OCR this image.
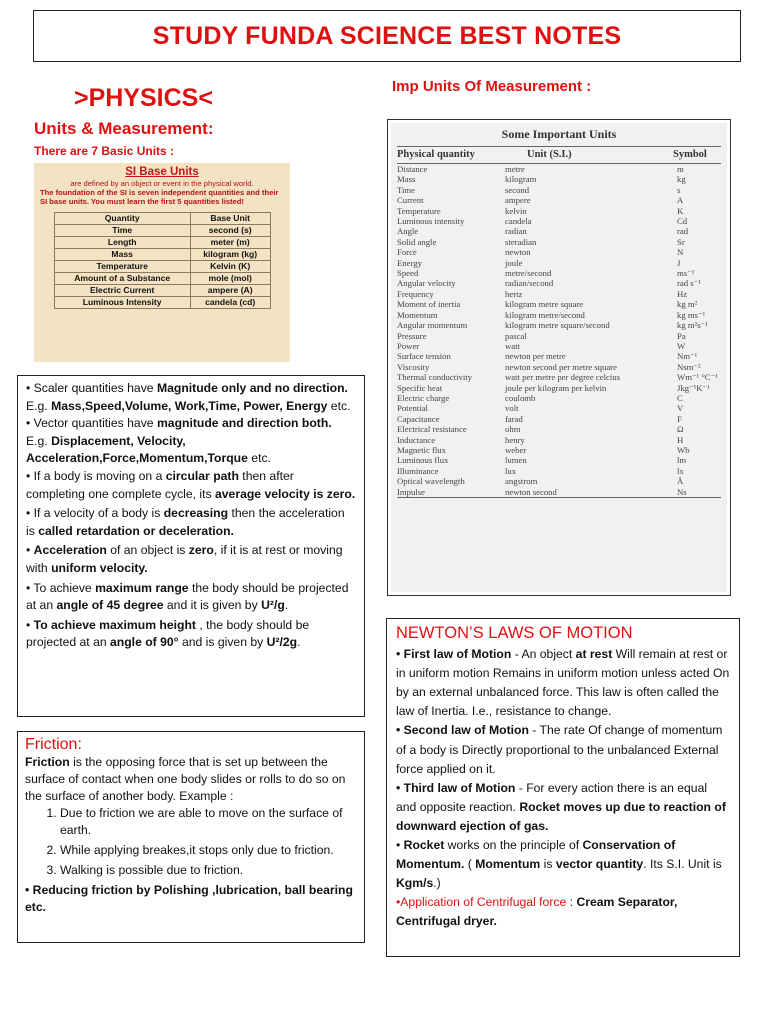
STUDY FUNDA SCIENCE BEST NOTES
>PHYSICS<
Units & Measurement:
There are 7 Basic Units :
Imp Units Of Measurement :
SI Base Units
are defined by an object or event in the physical world.
The foundation of the SI is seven independent quantities and their SI base units. You must learn the first 5 quantities listed!
Quantity	Base Unit
Time	second (s)
Length	meter (m)
Mass	kilogram (kg)
Temperature	Kelvin (K)
Amount of a Substance	mole (mol)
Electric Current	ampere (A)
Luminous Intensity	candela (cd)
Some Important Units
Physical quantity	Unit (S.I.)	Symbol
Distance	metre	m
Mass	kilogram	kg
Time	second	s
Current	ampere	A
Temperature	kelvin	K
Luminous intensity	candela	Cd
Angle	radian	rad
Solid angle	steradian	Sr
Force	newton	N
Energy	joule	J
Speed	metre/second	ms⁻¹
Angular velocity	radian/second	rad s⁻¹
Frequency	hertz	Hz
Moment of inertia	kilogram metre square	kg m²
Momentum	kilogram metre/second	kg ms⁻¹
Angular momentum	kilogram metre square/second	kg m²s⁻¹
Pressure	pascal	Pa
Power	watt	W
Surface tension	newton per metre	Nm⁻¹
Viscosity	newton second per metre square	Nsm⁻²
Thermal conductivity	watt per metre per degree celcius	Wm⁻¹ °C⁻¹
Specific heat	joule per kilogram per kelvin	Jkg⁻¹K⁻¹
Electric charge	coulomb	C
Potential	volt	V
Capacitance	farad	F
Electrical resistance	ohm	Ω
Inductance	henry	H
Magnetic flux	weber	Wb
Luminous flux	lumen	lm
Illuminance	lux	lx
Optical wavelength	angstrom	Å
Impulse	newton second	Ns

• Scaler quantities have Magnitude only and no direction. E.g. Mass,Speed,Volume, Work,Time, Power, Energy etc.

• Vector quantities have magnitude and direction both. E.g. Displacement, Velocity, Acceleration,Force,Momentum,Torque etc.

• If a body is moving on a circular path then after completing one complete cycle, its average velocity is zero.

• If a velocity of a body is decreasing then the acceleration is called retardation or deceleration.

• Acceleration of an object is zero, if it is at rest or moving with uniform velocity.

• To achieve maximum range the body should be projected at an angle of 45 degree and it is given by U²/g.

• To achieve maximum height , the body should be projected at an angle of 90° and is given by U²/2g.

Friction:

Friction is the opposing force that is set up between the surface of contact when one body slides or rolls to do so on the surface of another body. Example :

1. Due to friction we are able to move on the surface of earth.
2. While applying breakes,it stops only due to friction.
3. Walking is possible due to friction.

• Reducing friction by Polishing ,lubrication, ball bearing etc.

NEWTON’S LAWS OF MOTION

• First law of Motion - An object at rest Will remain at rest or in uniform motion Remains in uniform motion unless acted On by an external unbalanced force. This law is often called the law of Inertia. I.e., resistance to change.

• Second law of Motion - The rate Of change of momentum of a body is Directly proportional to the unbalanced External force applied on it.

• Third law of Motion - For every action there is an equal and opposite reaction. Rocket moves up due to reaction of downward ejection of gas.

• Rocket works on the principle of Conservation of Momentum. ( Momentum is vector quantity. Its S.I. Unit is Kgm/s.)

•Application of Centrifugal force : Cream Separator, Centrifugal dryer.
